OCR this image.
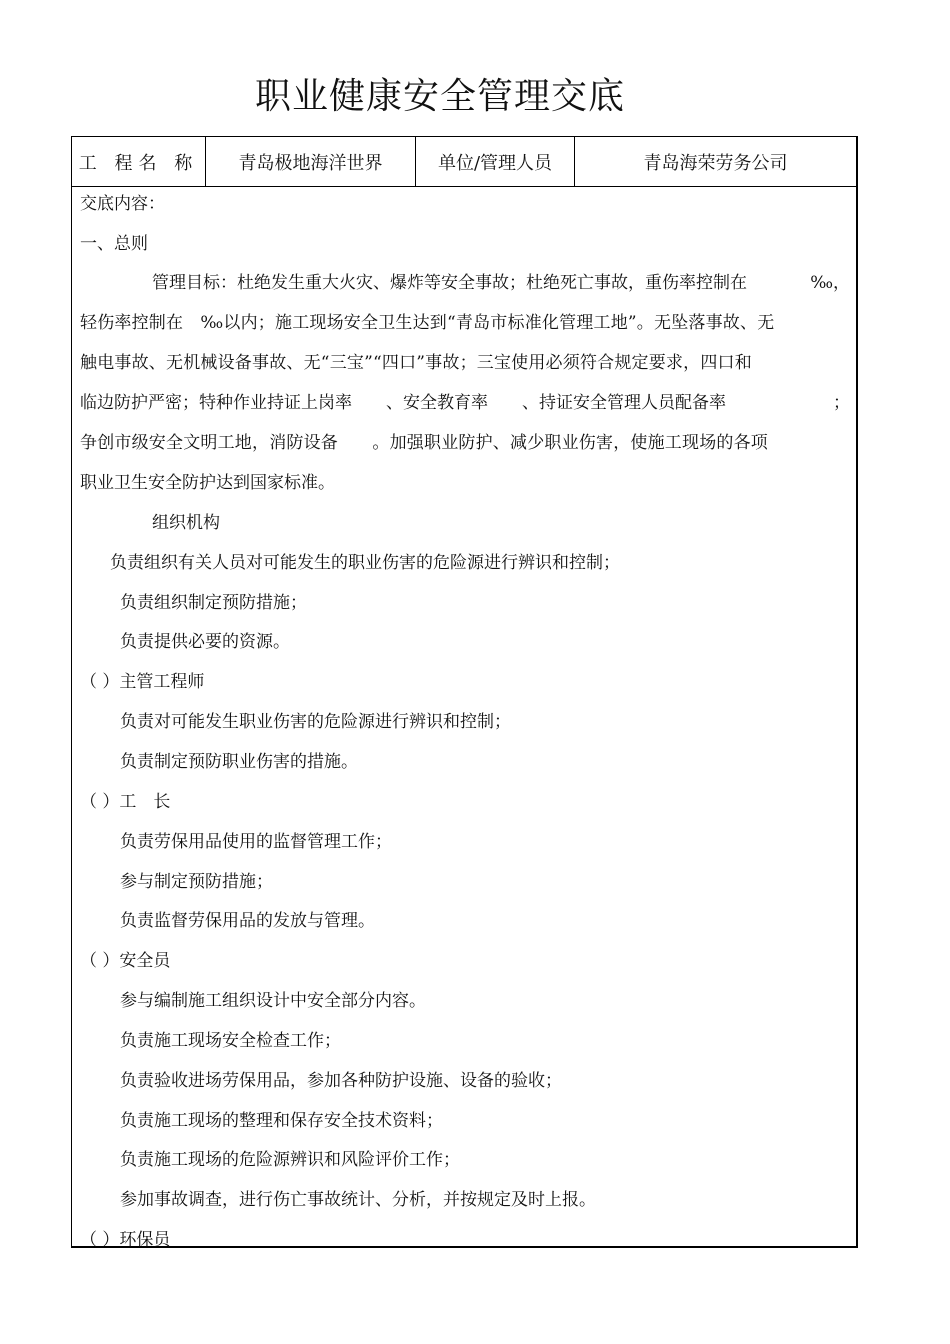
职业健康安全管理交底
工 程名 称	青岛极地海洋世界	单位/管理人员	青岛海荣劳务公司
交底内容：
一、总则
管理目标：杜绝发生重大火灾、爆炸等安全事故；杜绝死亡事故，重伤率控制在	‰，
轻伤率控制在　‰以内；施工现场安全卫生达到“青岛市标准化管理工地”。无坠落事故、无
触电事故、无机械设备事故、无“三宝”“四口”事故；三宝使用必须符合规定要求，四口和
临边防护严密；特种作业持证上岗率　　、安全教育率　　、持证安全管理人员配备率	；
争创市级安全文明工地，消防设备　　。加强职业防护、减少职业伤害，使施工现场的各项
职业卫生安全防护达到国家标准。
组织机构
负责组织有关人员对可能发生的职业伤害的危险源进行辨识和控制；
负责组织制定预防措施；
负责提供必要的资源。
（ ）主管工程师
负责对可能发生职业伤害的危险源进行辨识和控制；
负责制定预防职业伤害的措施。
（ ）工　长
负责劳保用品使用的监督管理工作；
参与制定预防措施；
负责监督劳保用品的发放与管理。
（ ）安全员
参与编制施工组织设计中安全部分内容。
负责施工现场安全检查工作；
负责验收进场劳保用品，参加各种防护设施、设备的验收；
负责施工现场的整理和保存安全技术资料；
负责施工现场的危险源辨识和风险评价工作；
参加事故调查，进行伤亡事故统计、分析，并按规定及时上报。
（ ）环保员
